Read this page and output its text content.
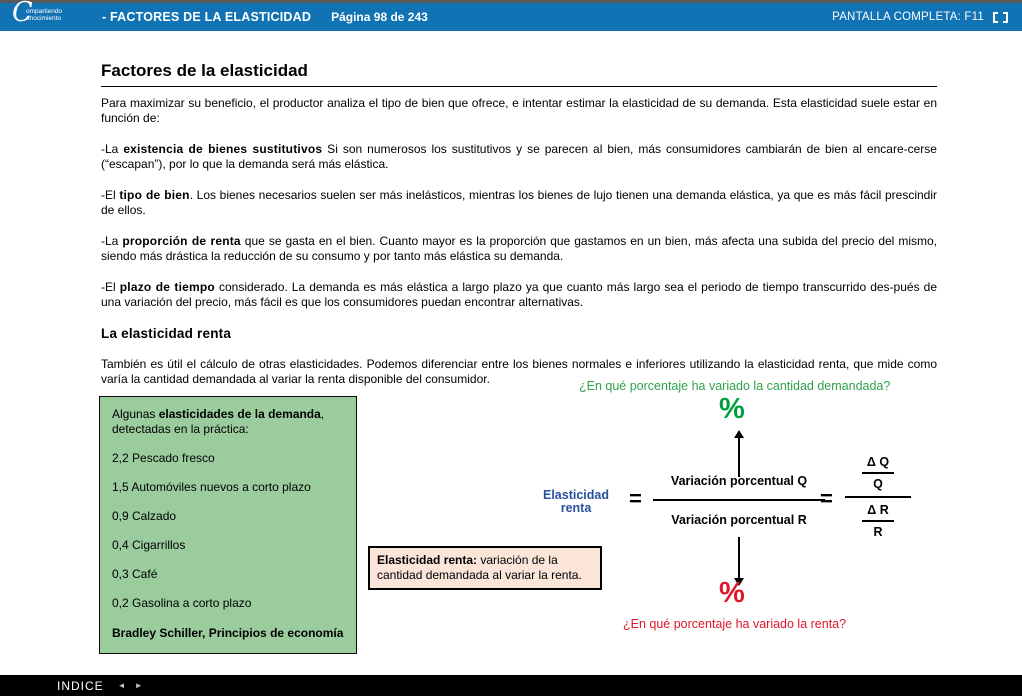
C
ompartiendo
onocimiento	- FACTORES DE LA ELASTICIDAD Página 98 de 243	PANTALLA COMPLETA: F11
Factores de la elasticidad

Para maximizar su beneficio, el productor analiza el tipo de bien que ofrece, e intentar estimar la elasticidad de su demanda. Esta elasticidad suele estar en función de:

-La existencia de bienes sustitutivos Si son numerosos los sustitutivos y se parecen al bien, más consumidores cambiarán de bien al encare-cerse (“escapan”), por lo que la demanda será más elástica.

-El tipo de bien. Los bienes necesarios suelen ser más inelásticos, mientras los bienes de lujo tienen una demanda elástica, ya que es más fácil prescindir de ellos.

-La proporción de renta que se gasta en el bien. Cuanto mayor es la proporción que gastamos en un bien, más afecta una subida del precio del mismo, siendo más drástica la reducción de su consumo y por tanto más elástica su demanda.

-El plazo de tiempo considerado. La demanda es más elástica a largo plazo ya que cuanto más largo sea el periodo de tiempo transcurrido des-pués de una variación del precio, más fácil es que los consumidores puedan encontrar alternativas.

La elasticidad renta

También es útil el cálculo de otras elasticidades. Podemos diferenciar entre los bienes normales e inferiores utilizando la elasticidad renta, que mide como varía la cantidad demandada al variar la renta disponible del consumidor.	¿En qué porcentaje ha variado la cantidad demandada?
Algunas elasticidades de la demanda, detectadas en la práctica:
2,2 Pescado fresco
1,5 Automóviles nuevos a corto plazo
0,9 Calzado
0,4 Cigarrillos
0,3 Café
0,2 Gasolina a corto plazo
Bradley Schiller, Principios de economía
%
Elasticidad
renta	=
Variación porcentual Q
Variación porcentual R
=
$\frac{\text{Δ Q}}{Q}$
$\frac{\text{Δ R}}{R}$
%
¿En qué porcentaje ha variado la renta?
Elasticidad renta: variación de la cantidad demandada al variar la renta.
INDICE ◄ ►
